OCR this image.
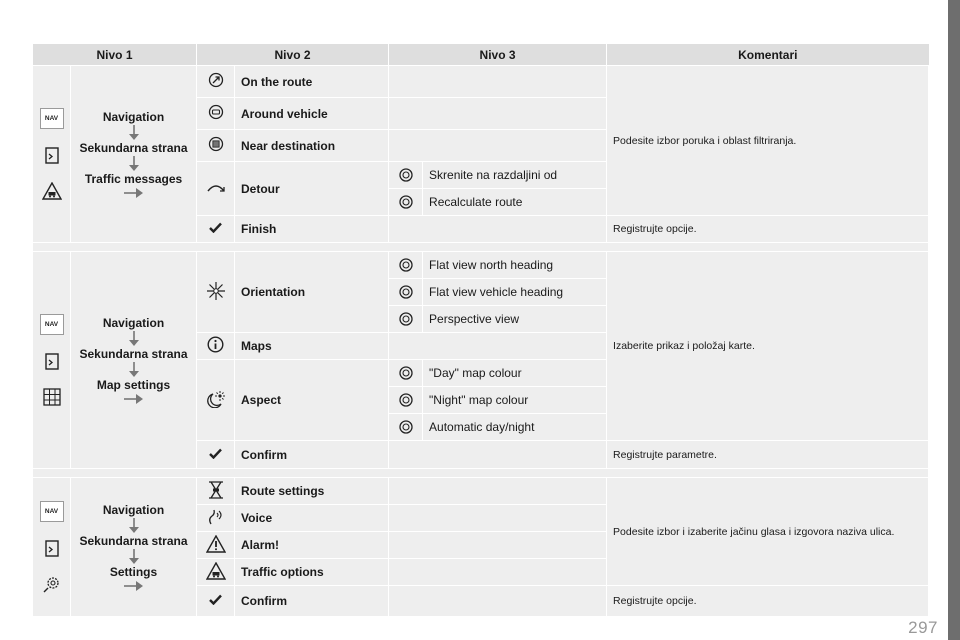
Nivo 1		Nivo 2		Nivo 3		Komentari

NAV	Navigation
Sekundarna strana
Traffic messages		On the route			Podesite izbor poruka i oblast filtriranja.
	Around vehicle			
	Near destination			
	Detour		Skrenite na razdaljini od	

	Recalculate route	
	Finish			Registrujte opcije.

NAV	Navigation
Sekundarna strana
Map settings		Orientation		Flat view north heading	Izaberite prikaz i položaj karte.

	Flat view vehicle heading	

	Perspective view	
	Maps			
	Aspect		"Day" map colour	

	"Night" map colour	

	Automatic day/night	
	Confirm			Registrujte parametre.

NAV	Navigation
Sekundarna strana
Settings		Route settings			Podesite izbor i izaberite jačinu glasa i izgovora naziva ulica.
	Voice			
	Alarm!			
	Traffic options			
	Confirm			Registrujte opcije.
297
